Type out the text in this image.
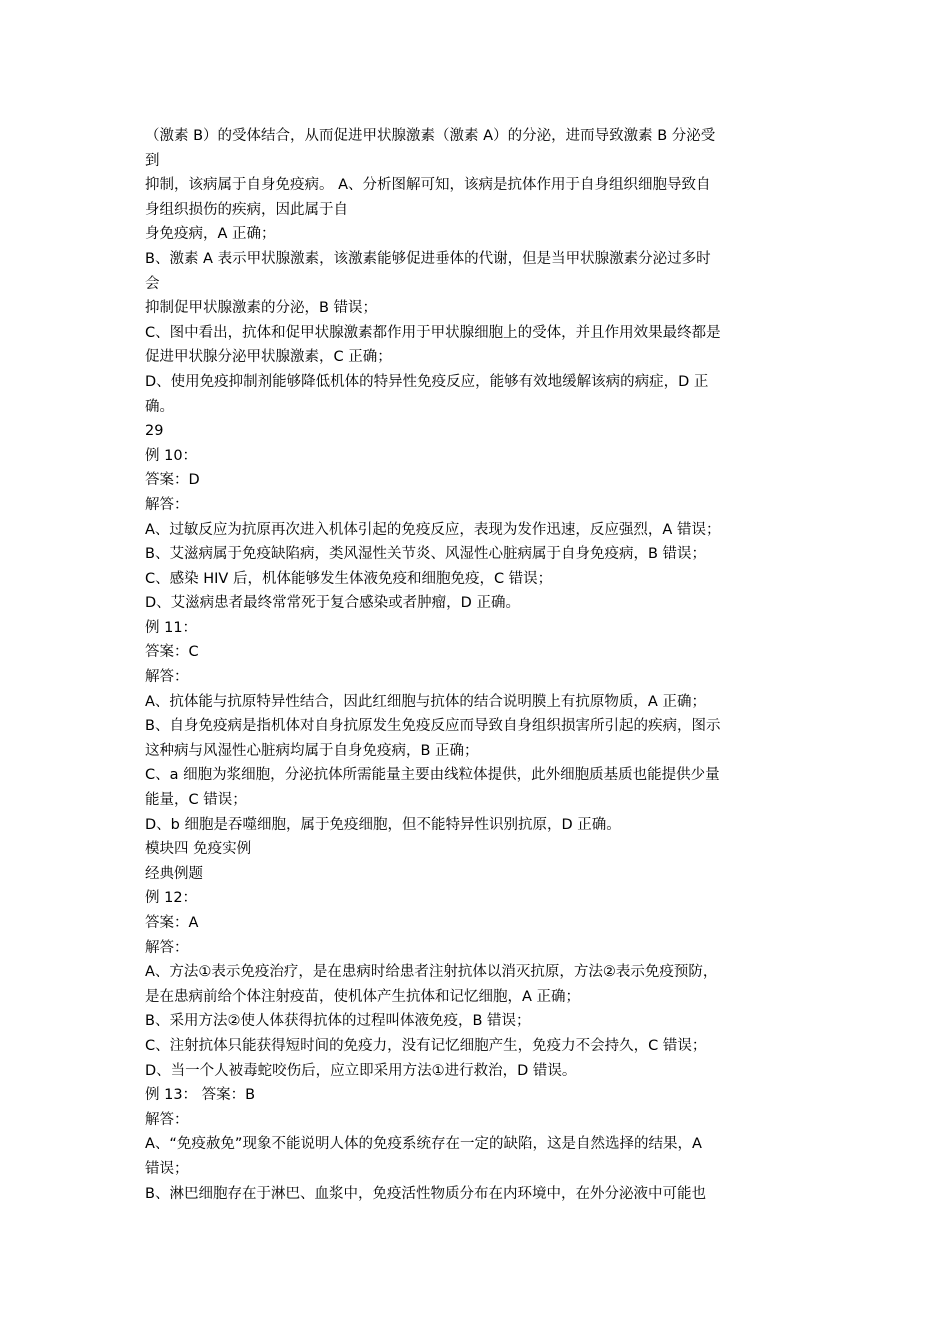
（激素 B）的受体结合，从而促进甲状腺激素（激素 A）的分泌，进而导致激素 B 分泌受

到

抑制，该病属于自身免疫病。 A、分析图解可知，该病是抗体作用于自身组织细胞导致自

身组织损伤的疾病，因此属于自

身免疫病，A 正确；

B、激素 A 表示甲状腺激素，该激素能够促进垂体的代谢，但是当甲状腺激素分泌过多时

会

抑制促甲状腺激素的分泌，B 错误；

C、图中看出，抗体和促甲状腺激素都作用于甲状腺细胞上的受体，并且作用效果最终都是

促进甲状腺分泌甲状腺激素，C 正确；

D、使用免疫抑制剂能够降低机体的特异性免疫反应，能够有效地缓解该病的病症，D 正

确。

29

例 10：

答案：D

解答：

A、过敏反应为抗原再次进入机体引起的免疫反应，表现为发作迅速，反应强烈，A 错误；

B、艾滋病属于免疫缺陷病，类风湿性关节炎、风湿性心脏病属于自身免疫病，B 错误；

C、感染 HIV 后，机体能够发生体液免疫和细胞免疫，C 错误；

D、艾滋病患者最终常常死于复合感染或者肿瘤，D 正确。

例 11：

答案：C

解答：

A、抗体能与抗原特异性结合，因此红细胞与抗体的结合说明膜上有抗原物质，A 正确；

B、自身免疫病是指机体对自身抗原发生免疫反应而导致自身组织损害所引起的疾病，图示

这种病与风湿性心脏病均属于自身免疫病，B 正确；

C、a 细胞为浆细胞，分泌抗体所需能量主要由线粒体提供，此外细胞质基质也能提供少量

能量，C 错误；

D、b 细胞是吞噬细胞，属于免疫细胞，但不能特异性识别抗原，D 正确。

模块四 免疫实例

经典例题

例 12：

答案：A

解答：

A、方法①表示免疫治疗，是在患病时给患者注射抗体以消灭抗原，方法②表示免疫预防，

是在患病前给个体注射疫苗，使机体产生抗体和记忆细胞，A 正确；

B、采用方法②使人体获得抗体的过程叫体液免疫，B 错误；

C、注射抗体只能获得短时间的免疫力，没有记忆细胞产生，免疫力不会持久，C 错误；

D、当一个人被毒蛇咬伤后，应立即采用方法①进行救治，D 错误。

例 13： 答案：B

解答：

A、“免疫赦免”现象不能说明人体的免疫系统存在一定的缺陷，这是自然选择的结果，A

错误；

B、淋巴细胞存在于淋巴、血浆中，免疫活性物质分布在内环境中，在外分泌液中可能也
